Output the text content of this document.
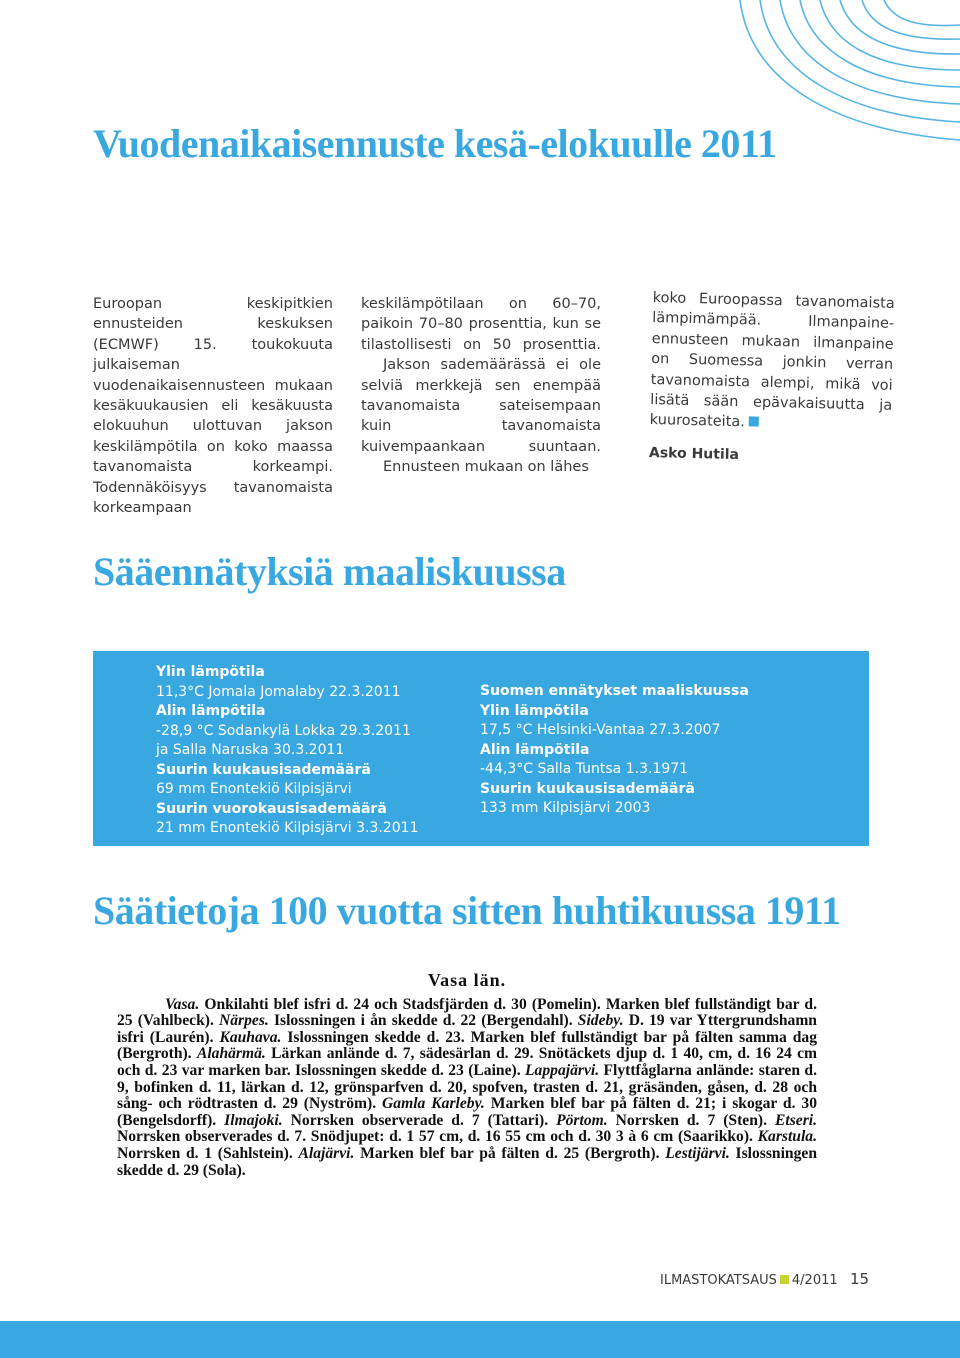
Vuodenaikaisennuste kesä-elokuulle 2011

Euroopan keskipitkien ennusteiden keskuksen (ECMWF) 15. toukokuuta julkaiseman vuodenaikaisennusteen mukaan kesäkuukausien eli kesäkuusta elokuuhun ulottuvan jakson keskilämpötila on koko maassa tavanomaista korkeampi. Todennäköisyys tavanomaista korkeampaan

keskilämpötilaan on 60–70, paikoin 70–80 prosenttia, kun se tilastollisesti on 50 prosenttia.

Jakson sademäärässä ei ole selviä merkkejä sen enempää tavanomaista sateisempaan kuin tavanomaista kuivempaankaan suuntaan.

Ennusteen mukaan on lähes

koko Euroopassa tavanomaista lämpimämpää. Ilmanpaine-ennusteen mukaan ilmanpaine on Suomessa jonkin verran tavanomaista alempi, mikä voi lisätä sään epävakaisuutta ja kuurosateita.

Asko Hutila
Sääennätyksiä maaliskuussa
Ylin lämpötila
11,3°C Jomala Jomalaby 22.3.2011
Alin lämpötila
-28,9 °C Sodankylä Lokka 29.3.2011
ja Salla Naruska 30.3.2011
Suurin kuukausisademäärä
69 mm Enontekiö Kilpisjärvi
Suurin vuorokausisademäärä
21 mm Enontekiö Kilpisjärvi 3.3.2011
Suomen ennätykset maaliskuussa
Ylin lämpötila
17,5 °C Helsinki-Vantaa 27.3.2007
Alin lämpötila
-44,3°C Salla Tuntsa 1.3.1971
Suurin kuukausisademäärä
133 mm Kilpisjärvi 2003
Säätietoja 100 vuotta sitten huhtikuussa 1911
Vasa län.

Vasa. Onkilahti blef isfri d. 24 och Stadsfjärden d. 30 (Pomelin). Marken blef fullständigt bar d. 25 (Vahlbeck). Närpes. Islossningen i ån skedde d. 22 (Bergendahl). Sideby. D. 19 var Yttergrundshamn isfri (Laurén). Kauhava. Islossningen skedde d. 23. Marken blef fullständigt bar på fälten samma dag (Bergroth). Alahärmä. Lärkan anlände d. 7, sädesärlan d. 29. Snötäckets djup d. 1 40, cm, d. 16 24 cm och d. 23 var marken bar. Islossningen skedde d. 23 (Laine). Lappajärvi. Flyttfåglarna anlände: staren d. 9, bofinken d. 11, lärkan d. 12, grönsparfven d. 20, spofven, trasten d. 21, gräsänden, gåsen, d. 28 och sång- och rödtrasten d. 29 (Nyström). Gamla Karleby. Marken blef bar på fälten d. 21; i skogar d. 30 (Bengelsdorff). Ilmajoki. Norrsken observerade d. 7 (Tattari). Pörtom. Norrsken d. 7 (Sten). Etseri. Norrsken observerades d. 7. Snödjupet: d. 1 57 cm, d. 16 55 cm och d. 30 3 à 6 cm (Saarikko). Karstula. Norrsken d. 1 (Sahlstein). Alajärvi. Marken blef bar på fälten d. 25 (Bergroth). Lestijärvi. Islossningen skedde d. 29 (Sola).

ILMASTOKATSAUS 4/2011 15
